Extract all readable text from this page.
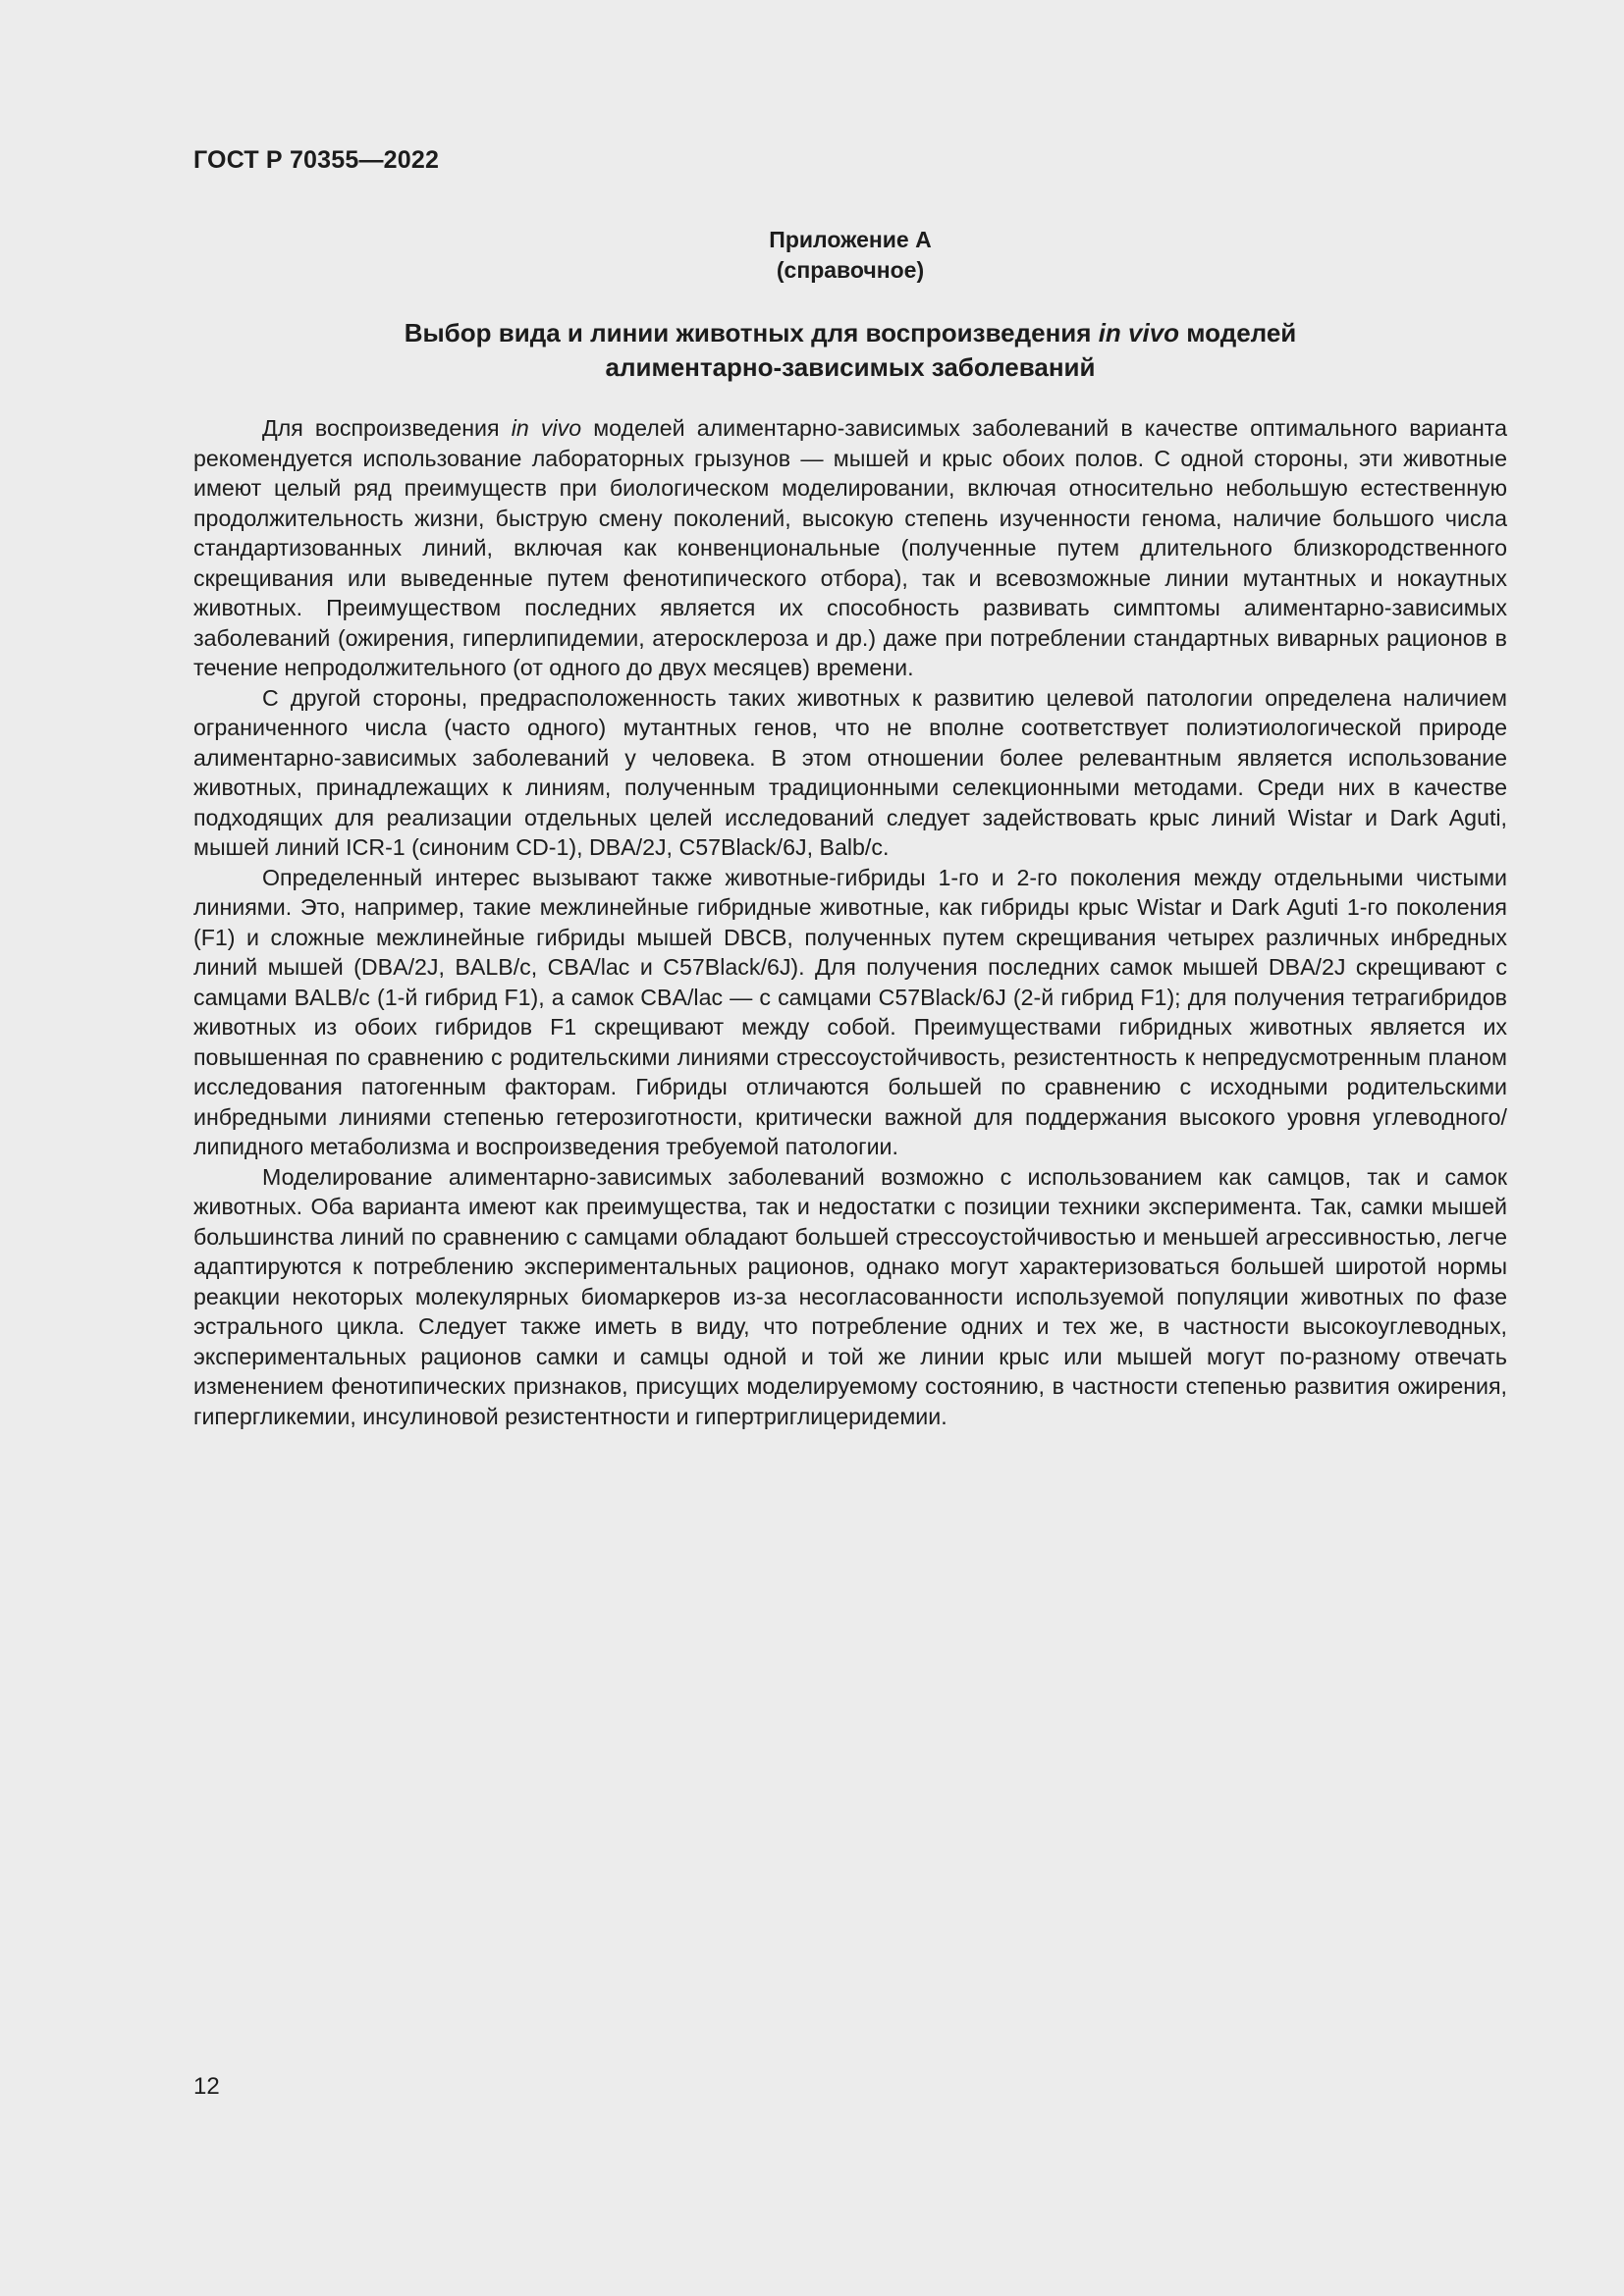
ГОСТ Р 70355—2022
Приложение А
(справочное)
Выбор вида и линии животных для воспроизведения in vivo моделей
алиментарно-зависимых заболеваний

Для воспроизведения in vivo моделей алиментарно-зависимых заболеваний в качестве оптимального варианта рекомендуется использование лабораторных грызунов — мышей и крыс обоих полов. С одной стороны, эти животные имеют целый ряд преимуществ при биологическом моделировании, включая относительно небольшую естественную продолжительность жизни, быструю смену поколений, высокую степень изученности генома, наличие большого числа стандартизованных линий, включая как конвенциональные (полученные путем длительного близкородственного скрещивания или выведенные путем фенотипического отбора), так и всевозможные линии мутантных и нокаутных животных. Преимуществом последних является их способность развивать симптомы алиментарно-зависимых заболеваний (ожирения, гиперлипидемии, атеросклероза и др.) даже при потреблении стандартных виварных рационов в течение непродолжительного (от одного до двух месяцев) времени.

С другой стороны, предрасположенность таких животных к развитию целевой патологии определена наличием ограниченного числа (часто одного) мутантных генов, что не вполне соответствует полиэтиологической природе алиментарно-зависимых заболеваний у человека. В этом отношении более релевантным является использование животных, принадлежащих к линиям, полученным традиционными селекционными методами. Среди них в качестве подходящих для реализации отдельных целей исследований следует задействовать крыс линий Wistar и Dark Aguti, мышей линий ICR-1 (синоним CD-1), DBA/2J, C57Black/6J, Balb/c.

Определенный интерес вызывают также животные-гибриды 1-го и 2-го поколения между отдельными чистыми линиями. Это, например, такие межлинейные гибридные животные, как гибриды крыс Wistar и Dark Aguti 1-го поколения (F1) и сложные межлинейные гибриды мышей DBCB, полученных путем скрещивания четырех различных инбредных линий мышей (DBA/2J, BALB/c, CBA/lac и C57Black/6J). Для получения последних самок мышей DBA/2J скрещивают с самцами BALB/c (1-й гибрид F1), а самок CBA/lac — с самцами C57Black/6J (2-й гибрид F1); для получения тетрагибридов животных из обоих гибридов F1 скрещивают между собой. Преимуществами гибридных животных является их повышенная по сравнению с родительскими линиями стрессоустойчивость, резистентность к непредусмотренным планом исследования патогенным факторам. Гибриды отличаются большей по сравнению с исходными родительскими инбредными линиями степенью гетерозиготности, критически важной для поддержания высокого уровня углеводного/липидного метаболизма и воспроизведения требуемой патологии.

Моделирование алиментарно-зависимых заболеваний возможно с использованием как самцов, так и самок животных. Оба варианта имеют как преимущества, так и недостатки с позиции техники эксперимента. Так, самки мышей большинства линий по сравнению с самцами обладают большей стрессоустойчивостью и меньшей агрессивностью, легче адаптируются к потреблению экспериментальных рационов, однако могут характеризоваться большей широтой нормы реакции некоторых молекулярных биомаркеров из-за несогласованности используемой популяции животных по фазе эстрального цикла. Следует также иметь в виду, что потребление одних и тех же, в частности высокоуглеводных, экспериментальных рационов самки и самцы одной и той же линии крыс или мышей могут по-разному отвечать изменением фенотипических признаков, присущих моделируемому состоянию, в частности степенью развития ожирения, гипергликемии, инсулиновой резистентности и гипертриглицеридемии.

12
